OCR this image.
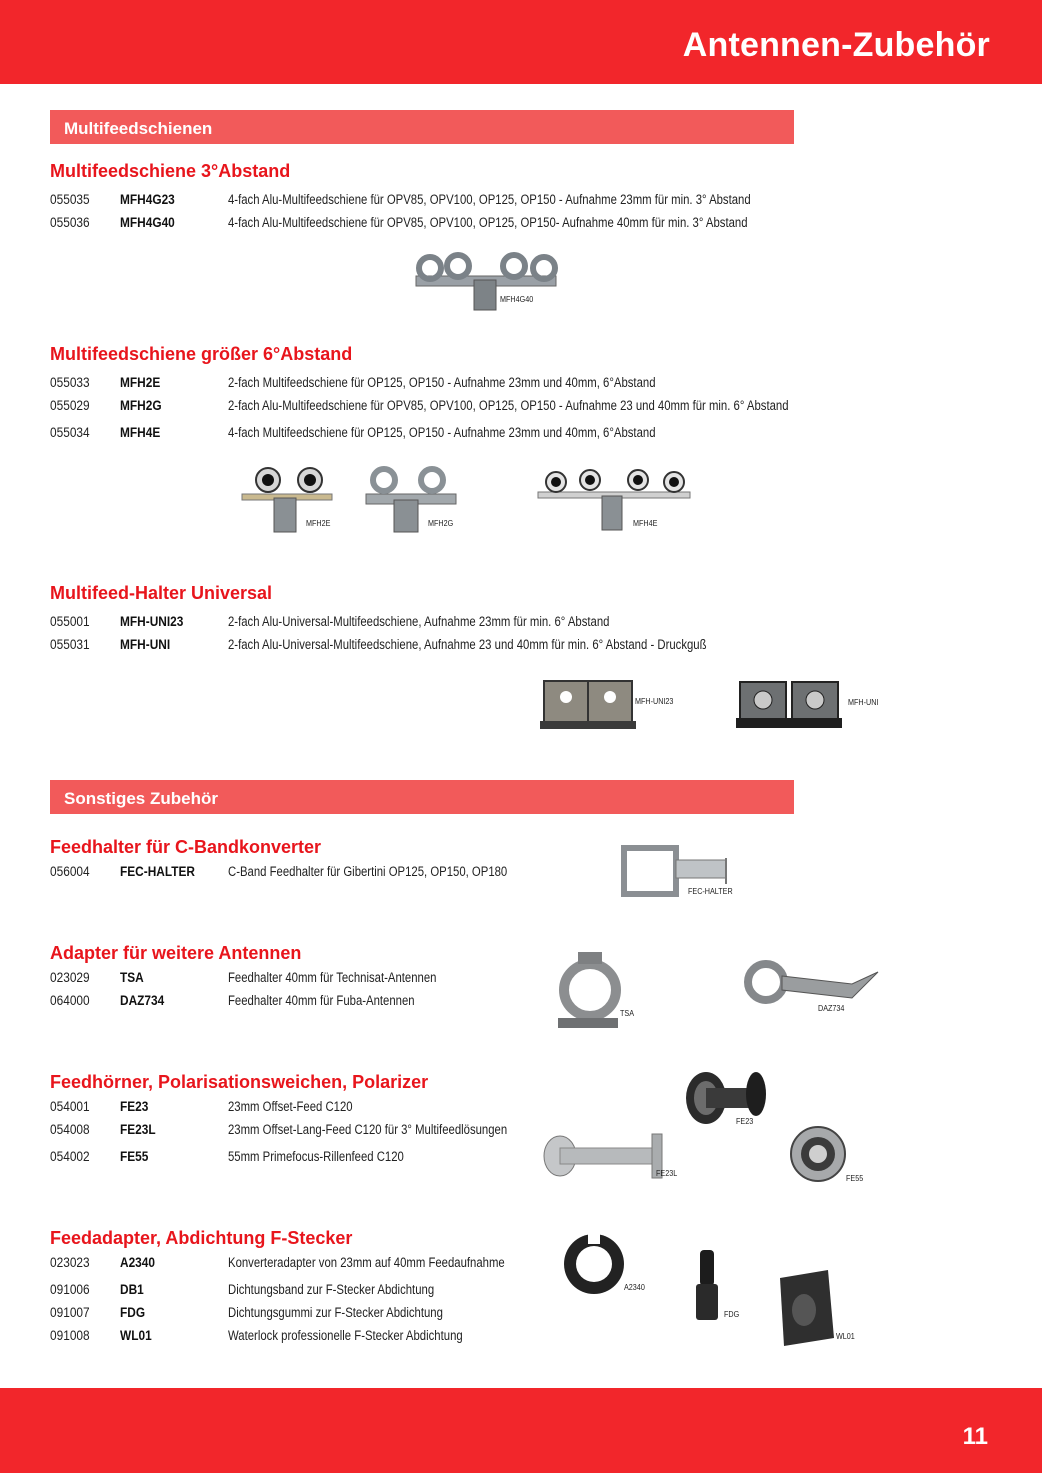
Antennen-Zubehör
11
Multifeedschienen
Multifeedschiene 3°Abstand
055035 MFH4G23	4-fach Alu-Multifeedschiene für OPV85, OPV100, OP125, OP150 - Aufnahme 23mm für min. 3° Abstand
055036 MFH4G40	4-fach Alu-Multifeedschiene für OPV85, OPV100, OP125, OP150- Aufnahme 40mm für min. 3° Abstand
MFH4G40
Multifeedschiene größer 6°Abstand
055033 MFH2E	2-fach Multifeedschiene für OP125, OP150 - Aufnahme 23mm und 40mm, 6°Abstand
055029 MFH2G	2-fach Alu-Multifeedschiene für OPV85, OPV100, OP125, OP150 - Aufnahme 23 und 40mm für min. 6° Abstand
055034 MFH4E	4-fach Multifeedschiene für OP125, OP150 - Aufnahme 23mm und 40mm, 6°Abstand
MFH2E	MFH2G	MFH4E
Multifeed-Halter Universal
055001 MFH-UNI23	2-fach Alu-Universal-Multifeedschiene, Aufnahme 23mm für min. 6° Abstand
055031 MFH-UNI	2-fach Alu-Universal-Multifeedschiene, Aufnahme 23 und 40mm für min. 6° Abstand - Druckguß
MFH-UNI23	MFH-UNI
Sonstiges Zubehör
Feedhalter für C-Bandkonverter
056004 FEC-HALTER C-Band Feedhalter für Gibertini OP125, OP150, OP180
FEC-HALTER
Adapter für weitere Antennen
023029 TSA	Feedhalter 40mm für Technisat-Antennen
064000 DAZ734	Feedhalter 40mm für Fuba-Antennen
TSA
DAZ734
Feedhörner, Polarisationsweichen, Polarizer
054001 FE23	23mm Offset-Feed C120
054008 FE23L	23mm Offset-Lang-Feed C120 für 3° Multifeedlösungen
054002 FE55	55mm Primefocus-Rillenfeed C120
FE23
FE23L
FE55
Feedadapter, Abdichtung F-Stecker
023023 A2340	Konverteradapter von 23mm auf 40mm Feedaufnahme
091006 DB1	Dichtungsband zur F-Stecker Abdichtung
091007 FDG	Dichtungsgummi zur F-Stecker Abdichtung
091008 WL01	Waterlock professionelle F-Stecker Abdichtung
A2340
FDG
WL01
